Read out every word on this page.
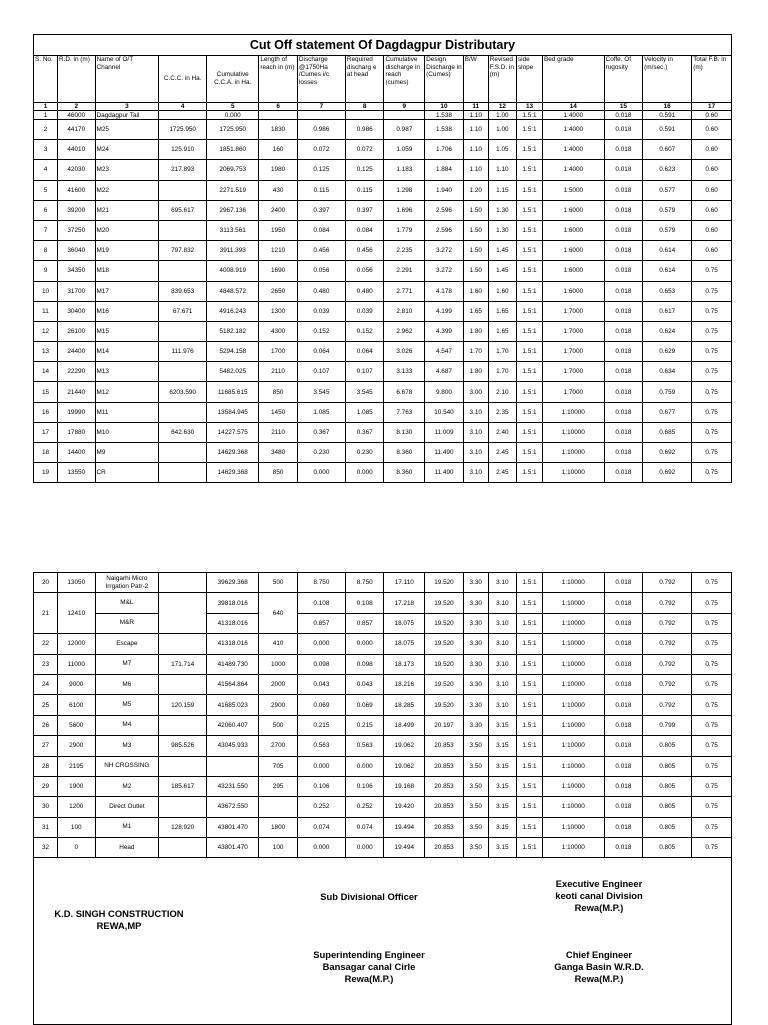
Cut Off statement Of Dagdagpur Distributary																
S. No.	R.D. in (m)	Name of O/T Channel	C.C.C. in Ha.	Cumulative C.C.A. in Ha.	Length of reach in (m)	Discharge @1750Ha /Cumes i/c losses	Required discharg e at head	Cumulative discharge in reach (cumes)	Design Discharge in (Cumes)	B/W	Revised F.S.D. in (m)	side slope	Bed grade	Coffe. Of rugosity	Velocity in (m/sec.)	Total F.B. in (m)
1	2	3	4	5	6	7	8	9	10	11	12	13	14	15	16	17
1	46000	Dagdagpur Tail		0.000					1.538	1.10	1.00	1.5:1	1:4000	0.018	0.591	0.60
2	44170	M25	1725.950	1725.950	1830	0.986	0.986	0.987	1.538	1.10	1.00	1.5:1	1:4000	0.018	0.591	0.60
3	44010	M24	125.910	1851.860	160	0.072	0.072	1.059	1.706	1.10	1.05	1.5:1	1:4000	0.018	0.607	0.60
4	42030	M23	217.893	2069.753	1980	0.125	0.125	1.183	1.884	1.10	1.10	1.5:1	1:4000	0.018	0.623	0.60
5	41600	M22		2271.519	430	0.115	0.115	1.298	1.940	1.20	1.15	1.5:1	1:5000	0.018	0.577	0.60
6	39200	M21	695.617	2967.136	2400	0.397	0.397	1.696	2.596	1.50	1.30	1.5:1	1:6000	0.018	0.579	0.60
7	37250	M20		3113.561	1950	0.084	0.084	1.779	2.596	1.50	1.30	1.5:1	1:6000	0.018	0.579	0.60
8	36040	M19	797.832	3911.393	1210	0.456	0.456	2.235	3.272	1.50	1.45	1.5:1	1:6000	0.018	0.614	0.60
9	34350	M18		4008.919	1690	0.056	0.056	2.291	3.272	1.50	1.45	1.5:1	1:6000	0.018	0.614	0.75
10	31700	M17	839.653	4848.572	2650	0.480	0.480	2.771	4.178	1.60	1.60	1.5:1	1:6000	0.018	0.653	0.75
11	30400	M16	67.671	4916.243	1300	0.039	0.039	2.810	4.199	1.65	1.65	1.5:1	1:7000	0.018	0.617	0.75
12	26100	M15		5182.182	4300	0.152	0.152	2.962	4.399	1.80	1.65	1.5:1	1:7000	0.018	0.624	0.75
13	24400	M14	111.976	5294.158	1700	0.064	0.064	3.026	4.547	1.70	1.70	1.5:1	1:7000	0.018	0.629	0.75
14	22290	M13		5482.025	2110	0.107	0.107	3.133	4.687	1.80	1.70	1.5:1	1:7000	0.018	0.634	0.75
15	21440	M12	6203.590	11685.615	850	3.545	3.545	6.678	9.800	3.00	2.10	1.5:1	1:7000	0.018	0.759	0.75
16	19990	M11		13584.945	1450	1.085	1.085	7.763	10.540	3.10	2.35	1.5:1	1:10000	0.018	0.677	0.75
17	17880	M10	642.630	14227.575	2110	0.367	0.367	8.130	11.009	3.10	2.40	1.5:1	1:10000	0.018	0.685	0.75
18	14400	M9		14629.368	3480	0.230	0.230	8.360	11.490	3.10	2.45	1.5:1	1:10000	0.018	0.692	0.75
19	13550	CR		14629.368	850	0.000	0.000	8.360	11.490	3.10	2.45	1.5:1	1:10000	0.018	0.692	0.75
20	13050	Naigarhi Micro Irrgation Patr-2		39629.368	500	8.750	8.750	17.110	19.520	3.30	3.10	1.5:1	1:10000	0.018	0.792	0.75
21	12410	M&L		39818.016	640	0.108	0.108	17.218	19.520	3.30	3.10	1.5:1	1:10000	0.018	0.792	0.75
		M&R		41318.016		0.857	0.857	18.075	19.520	3.30	3.10	1.5:1	1:10000	0.018	0.792	0.75
22	12000	Escape		41318.016	410	0.000	0.000	18.075	19.520	3.30	3.10	1.5:1	1:10000	0.018	0.792	0.75
23	11000	M7	171.714	41489.730	1000	0.098	0.098	18.173	19.520	3.30	3.10	1.5:1	1:10000	0.018	0.792	0.75
24	9000	M6		41564.864	2000	0.043	0.043	18.216	19.520	3.30	3.10	1.5:1	1:10000	0.018	0.792	0.75
25	6100	M5	120.159	41685.023	2900	0.069	0.069	18.285	19.520	3.30	3.10	1.5:1	1:10000	0.018	0.792	0.75
26	5600	M4		42060.407	500	0.215	0.215	18.499	20.197	3.30	3.15	1.5:1	1:10000	0.018	0.799	0.75
27	2900	M3	985.526	43045.933	2700	0.563	0.563	19.062	20.853	3.50	3.15	1.5:1	1:10000	0.018	0.805	0.75
28	2195	NH CROSSING			705	0.000	0.000	19.062	20.853	3.50	3.15	1.5:1	1:10000	0.018	0.805	0.75
29	1900	M2	185.617	43231.550	295	0.106	0.106	19.168	20.853	3.50	3.15	1.5:1	1:10000	0.018	0.805	0.75
30	1200	Direct Outlet		43672.550		0.252	0.252	19.420	20.853	3.50	3.15	1.5:1	1:10000	0.018	0.805	0.75
31	100	M1	128.920	43801.470	1800	0.074	0.074	19.494	20.853	3.50	3.15	1.5:1	1:10000	0.018	0.805	0.75
32	0	Head		43801.470	100	0.000	0.000	19.494	20.853	3.50	3.15	1.5:1	1:10000	0.018	0.805	0.75
K.D. SINGH CONSTRUCTION
REWA,MP
Sub Divisional Officer
Executive Engineer
keoti canal Division
Rewa(M.P.)
Superintending Engineer
Bansagar canal Cirle
Rewa(M.P.)
Chief Engineer
Ganga Basin W.R.D.
Rewa(M.P.)
